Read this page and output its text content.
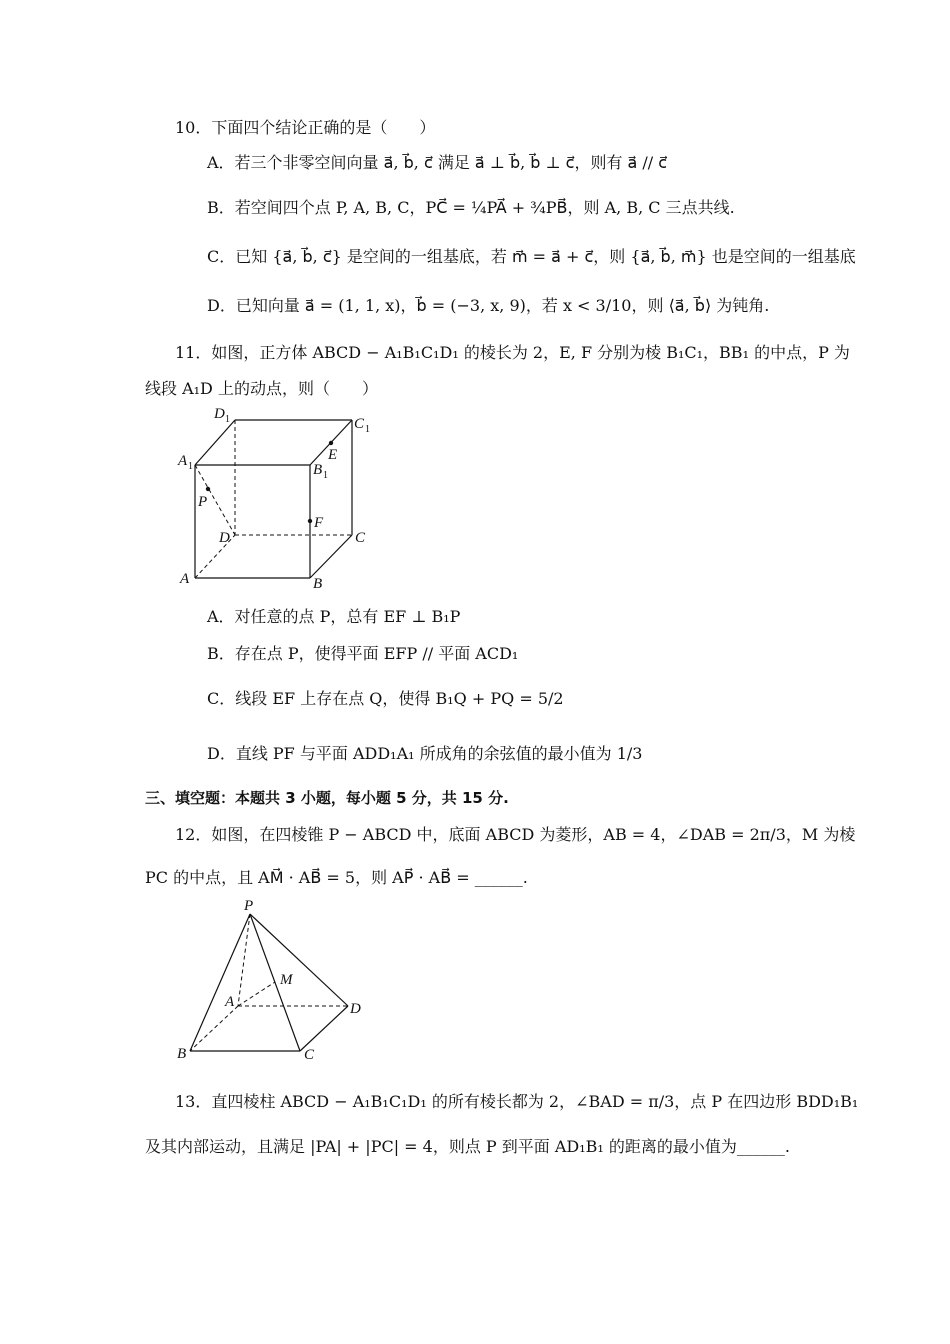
10．下面四个结论正确的是（　　）
A．若三个非零空间向量 a⃗, b⃗, c⃗ 满足 a⃗ ⊥ b⃗, b⃗ ⊥ c⃗，则有 a⃗ // c⃗
B．若空间四个点 P, A, B, C，PC⃗ = ¼PA⃗ + ¾PB⃗，则 A, B, C 三点共线.
C．已知 {a⃗, b⃗, c⃗} 是空间的一组基底，若 m⃗ = a⃗ + c⃗，则 {a⃗, b⃗, m⃗} 也是空间的一组基底
D．已知向量 a⃗ = (1, 1, x)，b⃗ = (−3, x, 9)，若 x < 3/10，则 ⟨a⃗, b⃗⟩ 为钝角.
11．如图，正方体 ABCD − A₁B₁C₁D₁ 的棱长为 2，E, F 分别为棱 B₁C₁，BB₁ 的中点，P 为
线段 A₁D 上的动点，则（　　）
D 1	C 1
A 1	B 1
E
F
P
D	C
A	B
A．对任意的点 P，总有 EF ⊥ B₁P
B．存在点 P，使得平面 EFP // 平面 ACD₁
C．线段 EF 上存在点 Q，使得 B₁Q + PQ = 5/2
D．直线 PF 与平面 ADD₁A₁ 所成角的余弦值的最小值为 1/3
三、填空题：本题共 3 小题，每小题 5 分，共 15 分.
12．如图，在四棱锥 P − ABCD 中，底面 ABCD 为菱形，AB = 4，∠DAB = 2π/3，M 为棱
PC 的中点，且 AM⃗ · AB⃗ = 5，则 AP⃗ · AB⃗ = ______.
P
M
A	D
B	C
13．直四棱柱 ABCD − A₁B₁C₁D₁ 的所有棱长都为 2，∠BAD = π/3，点 P 在四边形 BDD₁B₁
及其内部运动，且满足 |PA| + |PC| = 4，则点 P 到平面 AD₁B₁ 的距离的最小值为______.
